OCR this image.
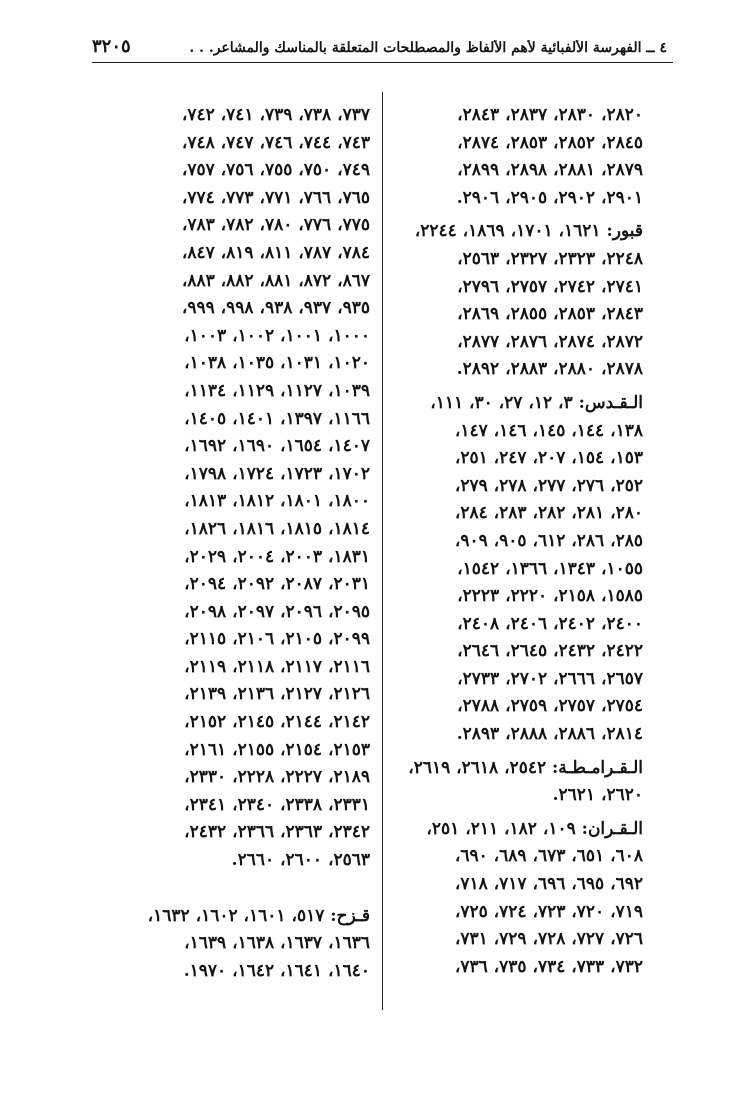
٤ ــ الفهرسة الألفبائية لأهم الألفاظ والمصطلحات المتعلقة بالمناسك والمشاعر. . .
٣٢٠٥

٢٨٢٠، ٢٨٣٠، ٢٨٣٧، ٢٨٤٣،

٢٨٤٥، ٢٨٥٢، ٢٨٥٣، ٢٨٧٤،

٢٨٧٩، ٢٨٨١، ٢٨٩٨، ٢٨٩٩،

٢٩٠١، ٢٩٠٢، ٢٩٠٥، ٢٩٠٦.

قبور: ١٦٢١، ١٧٠١، ١٨٦٩، ٢٢٤٤،

٢٢٤٨، ٢٣٢٣، ٢٣٢٧، ٢٥٦٣،

٢٧٤١، ٢٧٤٢، ٢٧٥٧، ٢٧٩٦،

٢٨٤٣، ٢٨٥٣، ٢٨٥٥، ٢٨٦٩،

٢٨٧٢، ٢٨٧٤، ٢٨٧٦، ٢٨٧٧،

٢٨٧٨، ٢٨٨٠، ٢٨٨٣، ٢٨٩٢.

الـقـدس: ٣، ١٢، ٢٧، ٣٠، ١١١،

١٣٨، ١٤٤، ١٤٥، ١٤٦، ١٤٧،

١٥٣، ١٥٤، ٢٠٧، ٢٤٧، ٢٥١،

٢٥٢، ٢٧٦، ٢٧٧، ٢٧٨، ٢٧٩،

٢٨٠، ٢٨١، ٢٨٢، ٢٨٣، ٢٨٤،

٢٨٥، ٢٨٦، ٦١٢، ٩٠٥، ٩٠٩،

١٠٥٥، ١٣٤٣، ١٣٦٦، ١٥٤٢،

١٥٨٥، ٢١٥٨، ٢٢٢٠، ٢٢٢٣،

٢٤٠٠، ٢٤٠٢، ٢٤٠٦، ٢٤٠٨،

٢٤٢٢، ٢٤٣٢، ٢٦٤٥، ٢٦٤٦،

٢٦٥٧، ٢٦٦٦، ٢٧٠٢، ٢٧٣٣،

٢٧٥٤، ٢٧٥٧، ٢٧٥٩، ٢٧٨٨،

٢٨١٤، ٢٨٨٦، ٢٨٨٨، ٢٨٩٣.

الـقـرامـطـة: ٢٥٤٢، ٢٦١٨، ٢٦١٩،

٢٦٢٠، ٢٦٢١.

الـقـران: ١٠٩، ١٨٢، ٢١١، ٢٥١،

٦٠٨، ٦٥١، ٦٧٣، ٦٨٩، ٦٩٠،

٦٩٢، ٦٩٥، ٦٩٦، ٧١٧، ٧١٨،

٧١٩، ٧٢٠، ٧٢٣، ٧٢٤، ٧٢٥،

٧٢٦، ٧٢٧، ٧٢٨، ٧٢٩، ٧٣١،

٧٣٢، ٧٣٣، ٧٣٤، ٧٣٥، ٧٣٦،

٧٣٧، ٧٣٨، ٧٣٩، ٧٤١، ٧٤٢،

٧٤٣، ٧٤٤، ٧٤٦، ٧٤٧، ٧٤٨،

٧٤٩، ٧٥٠، ٧٥٥، ٧٥٦، ٧٥٧،

٧٦٥، ٧٦٦، ٧٧١، ٧٧٣، ٧٧٤،

٧٧٥، ٧٧٦، ٧٨٠، ٧٨٢، ٧٨٣،

٧٨٤، ٧٨٧، ٨١١، ٨١٩، ٨٤٧،

٨٦٧، ٨٧٢، ٨٨١، ٨٨٢، ٨٨٣،

٩٣٥، ٩٣٧، ٩٣٨، ٩٩٨، ٩٩٩،

١٠٠٠، ١٠٠١، ١٠٠٢، ١٠٠٣،

١٠٢٠، ١٠٣١، ١٠٣٥، ١٠٣٨،

١٠٣٩، ١١٢٧، ١١٢٩، ١١٣٤،

١١٦٦، ١٣٩٧، ١٤٠١، ١٤٠٥،

١٤٠٧، ١٦٥٤، ١٦٩٠، ١٦٩٢،

١٧٠٢، ١٧٢٣، ١٧٢٤، ١٧٩٨،

١٨٠٠، ١٨٠١، ١٨١٢، ١٨١٣،

١٨١٤، ١٨١٥، ١٨١٦، ١٨٢٦،

١٨٣١، ٢٠٠٣، ٢٠٠٤، ٢٠٢٩،

٢٠٣١، ٢٠٨٧، ٢٠٩٢، ٢٠٩٤،

٢٠٩٥، ٢٠٩٦، ٢٠٩٧، ٢٠٩٨،

٢٠٩٩، ٢١٠٥، ٢١٠٦، ٢١١٥،

٢١١٦، ٢١١٧، ٢١١٨، ٢١١٩،

٢١٢٦، ٢١٢٧، ٢١٣٦، ٢١٣٩،

٢١٤٢، ٢١٤٤، ٢١٤٥، ٢١٥٢،

٢١٥٣، ٢١٥٤، ٢١٥٥، ٢١٦١،

٢١٨٩، ٢٢٢٧، ٢٢٢٨، ٢٣٣٠،

٢٣٣١، ٢٣٣٨، ٢٣٤٠، ٢٣٤١،

٢٣٤٢، ٢٣٦٣، ٢٣٦٦، ٢٤٣٢،

٢٥٦٣، ٢٦٠٠، ٢٦٦٠.

قـزح: ٥١٧، ١٦٠١، ١٦٠٢، ١٦٣٢،

١٦٣٦، ١٦٣٧، ١٦٣٨، ١٦٣٩،

١٦٤٠، ١٦٤١، ١٦٤٢، ١٩٧٠.
